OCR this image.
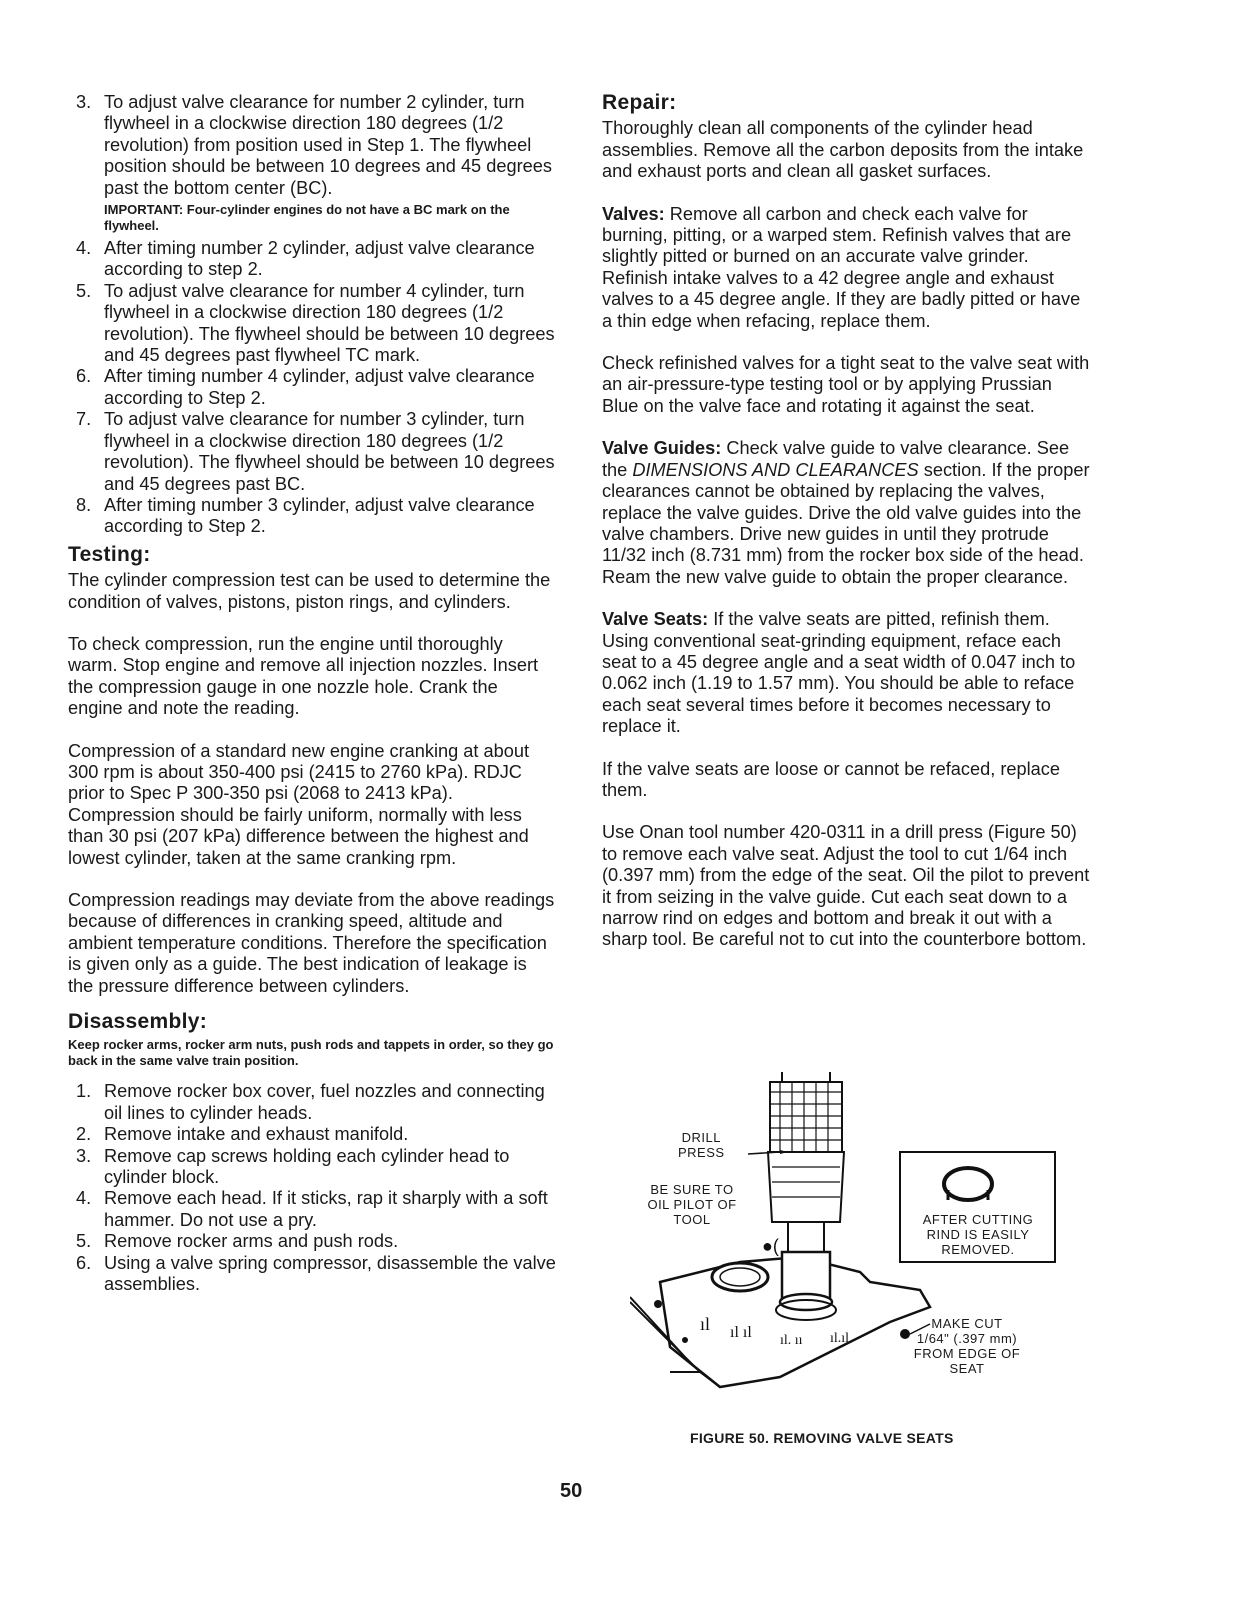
3. To adjust valve clearance for number 2 cylinder, turn flywheel in a clockwise direction 180 degrees (1/2 revolution) from position used in Step 1. The flywheel position should be between 10 degrees and 45 degrees past the bottom center (BC).
IMPORTANT: Four-cylinder engines do not have a BC mark on the flywheel.
4. After timing number 2 cylinder, adjust valve clearance according to step 2.
5. To adjust valve clearance for number 4 cylinder, turn flywheel in a clockwise direction 180 degrees (1/2 revolution). The flywheel should be between 10 degrees and 45 degrees past flywheel TC mark.
6. After timing number 4 cylinder, adjust valve clearance according to Step 2.
7. To adjust valve clearance for number 3 cylinder, turn flywheel in a clockwise direction 180 degrees (1/2 revolution). The flywheel should be between 10 degrees and 45 degrees past BC.
8. After timing number 3 cylinder, adjust valve clearance according to Step 2.
Testing:

The cylinder compression test can be used to determine the condition of valves, pistons, piston rings, and cylinders.

To check compression, run the engine until thoroughly warm. Stop engine and remove all injection nozzles. Insert the compression gauge in one nozzle hole. Crank the engine and note the reading.

Compression of a standard new engine cranking at about 300 rpm is about 350-400 psi (2415 to 2760 kPa). RDJC prior to Spec P 300-350 psi (2068 to 2413 kPa). Compression should be fairly uniform, normally with less than 30 psi (207 kPa) difference between the highest and lowest cylinder, taken at the same cranking rpm.

Compression readings may deviate from the above readings because of differences in cranking speed, altitude and ambient temperature conditions. Therefore the specification is given only as a guide. The best indication of leakage is the pressure difference between cylinders.

Disassembly:
Keep rocker arms, rocker arm nuts, push rods and tappets in order, so they go back in the same valve train position.
1. Remove rocker box cover, fuel nozzles and connecting oil lines to cylinder heads.
2. Remove intake and exhaust manifold.
3. Remove cap screws holding each cylinder head to cylinder block.
4. Remove each head. If it sticks, rap it sharply with a soft hammer. Do not use a pry.
5. Remove rocker arms and push rods.
6. Using a valve spring compressor, disassemble the valve assemblies.
Repair:

Thoroughly clean all components of the cylinder head assemblies. Remove all the carbon deposits from the intake and exhaust ports and clean all gasket surfaces.

Valves: Remove all carbon and check each valve for burning, pitting, or a warped stem. Refinish valves that are slightly pitted or burned on an accurate valve grinder. Refinish intake valves to a 42 degree angle and exhaust valves to a 45 degree angle. If they are badly pitted or have a thin edge when refacing, replace them.

Check refinished valves for a tight seat to the valve seat with an air-pressure-type testing tool or by applying Prussian Blue on the valve face and rotating it against the seat.

Valve Guides: Check valve guide to valve clearance. See the DIMENSIONS AND CLEARANCES section. If the proper clearances cannot be obtained by replacing the valves, replace the valve guides. Drive the old valve guides into the valve chambers. Drive new guides in until they protrude 11/32 inch (8.731 mm) from the rocker box side of the head. Ream the new valve guide to obtain the proper clearance.

Valve Seats: If the valve seats are pitted, refinish them. Using conventional seat-grinding equipment, reface each seat to a 45 degree angle and a seat width of 0.047 inch to 0.062 inch (1.19 to 1.57 mm). You should be able to reface each seat several times before it becomes necessary to replace it.

If the valve seats are loose or cannot be refaced, replace them.

Use Onan tool number 420-0311 in a drill press (Figure 50) to remove each valve seat. Adjust the tool to cut 1/64 inch (0.397 mm) from the edge of the seat. Oil the pilot to prevent it from seizing in the valve guide. Cut each seat down to a narrow rind on edges and bottom and break it out with a sharp tool. Be careful not to cut into the counterbore bottom.

ıl ıl ıl ıl. ıı ıl.ıl
●(
DRILL
PRESS
BE SURE TO
OIL PILOT OF
TOOL	AFTER CUTTING
RIND IS EASILY
REMOVED.
MAKE CUT
1/64" (.397 mm)
FROM EDGE OF
SEAT
FIGURE 50. REMOVING VALVE SEATS
50
